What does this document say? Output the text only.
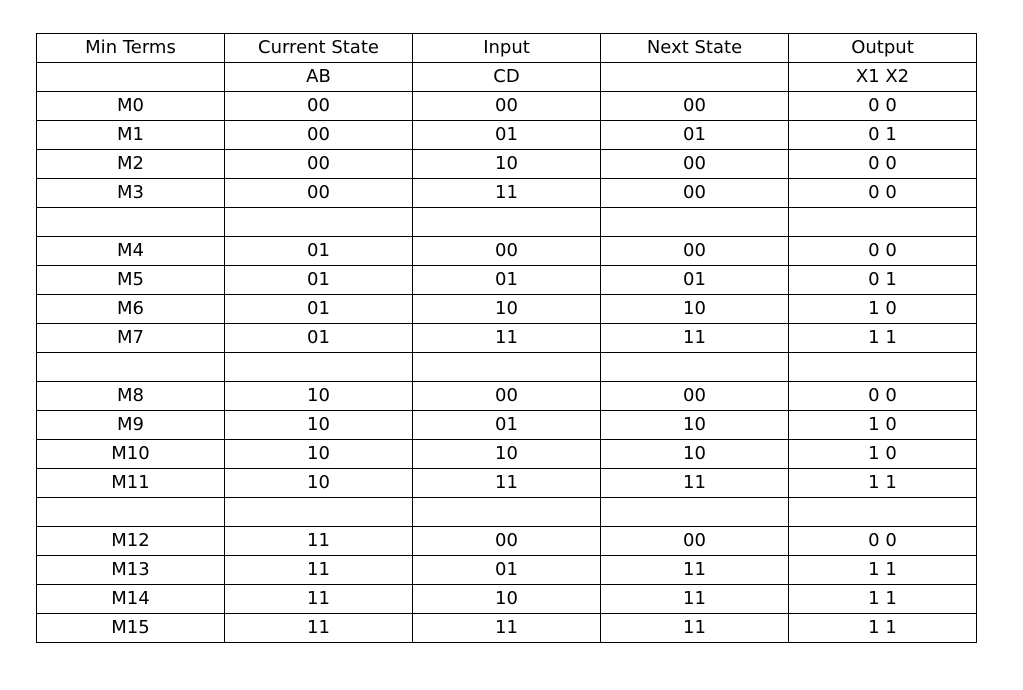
Min Terms	Current State	Input	Next State	Output
	AB	CD		X1 X2
M0	00	00	00	0 0
M1	00	01	01	0 1
M2	00	10	00	0 0
M3	00	11	00	0 0

M4	01	00	00	0 0
M5	01	01	01	0 1
M6	01	10	10	1 0
M7	01	11	11	1 1

M8	10	00	00	0 0
M9	10	01	10	1 0
M10	10	10	10	1 0
M11	10	11	11	1 1

M12	11	00	00	0 0
M13	11	01	11	1 1
M14	11	10	11	1 1
M15	11	11	11	1 1
